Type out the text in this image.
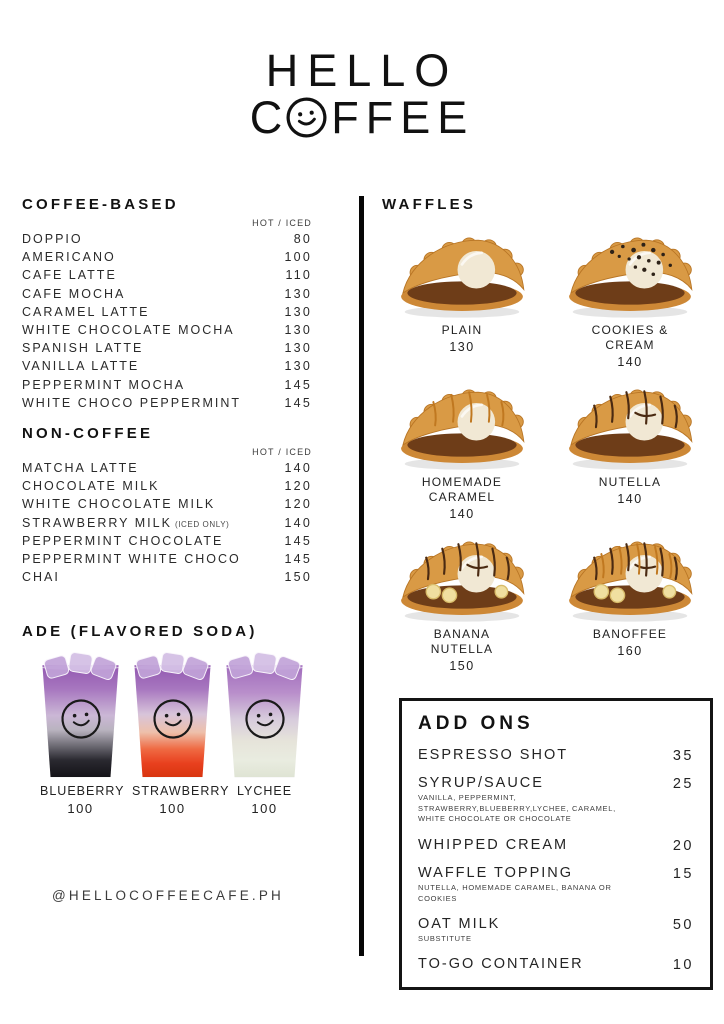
HELLO
C FFEE
COFFEE-BASED
HOT / ICED
DOPPIO	80
AMERICANO	100
CAFE LATTE	110
CAFE MOCHA	130
CARAMEL LATTE	130
WHITE CHOCOLATE MOCHA	130
SPANISH LATTE	130
VANILLA LATTE	130
PEPPERMINT MOCHA	145
WHITE CHOCO PEPPERMINT	145
NON-COFFEE
HOT / ICED
MATCHA LATTE	140
CHOCOLATE MILK	120
WHITE CHOCOLATE MILK	120
STRAWBERRY MILK (ICED ONLY)	140
PEPPERMINT CHOCOLATE	145
PEPPERMINT WHITE CHOCO	145
CHAI	150
ADE (FLAVORED SODA)
BLUEBERRY
100
STRAWBERRY
100
LYCHEE
100
@HELLOCOFFEECAFE.PH
WAFFLES
PLAIN
130
COOKIES & CREAM
140
HOMEMADE CARAMEL
140
NUTELLA
140
BANANA NUTELLA
150
BANOFFEE
160
ADD ONS
ESPRESSO SHOT	35
SYRUP/SAUCE
VANILLA, PEPPERMINT, STRAWBERRY,BLUEBERRY,LYCHEE, CARAMEL, WHITE CHOCOLATE OR CHOCOLATE
25
WHIPPED CREAM	20
WAFFLE TOPPING
NUTELLA, HOMEMADE CARAMEL, BANANA OR COOKIES
15
OAT MILK
SUBSTITUTE
50
TO-GO CONTAINER	10
